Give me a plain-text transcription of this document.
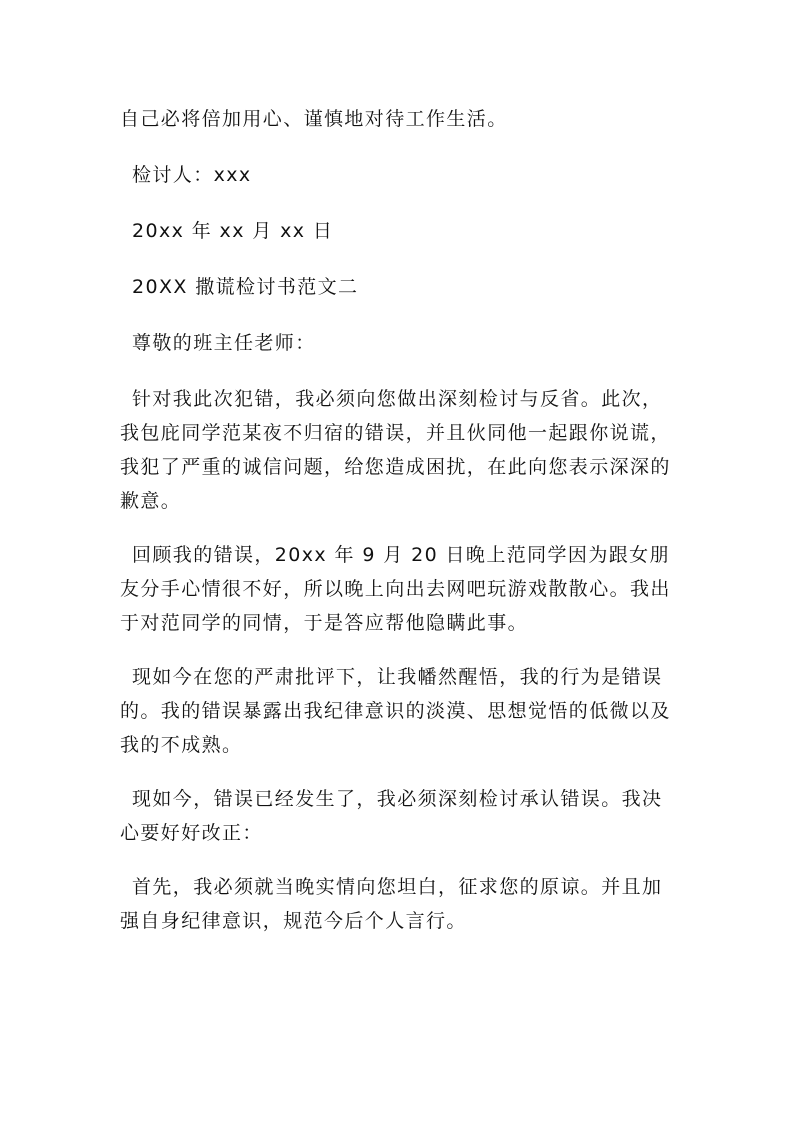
自己必将倍加用心、谨慎地对待工作生活。

检讨人：xxx

20xx 年 xx 月 xx 日

20XX 撒谎检讨书范文二

尊敬的班主任老师：

针对我此次犯错，我必须向您做出深刻检讨与反省。此次，我包庇同学范某夜不归宿的错误，并且伙同他一起跟你说谎，我犯了严重的诚信问题，给您造成困扰，在此向您表示深深的歉意。

回顾我的错误，20xx 年 9 月 20 日晚上范同学因为跟女朋友分手心情很不好，所以晚上向出去网吧玩游戏散散心。我出于对范同学的同情，于是答应帮他隐瞒此事。

现如今在您的严肃批评下，让我幡然醒悟，我的行为是错误的。我的错误暴露出我纪律意识的淡漠、思想觉悟的低微以及我的不成熟。

现如今，错误已经发生了，我必须深刻检讨承认错误。我决心要好好改正：

首先，我必须就当晚实情向您坦白，征求您的原谅。并且加强自身纪律意识，规范今后个人言行。
